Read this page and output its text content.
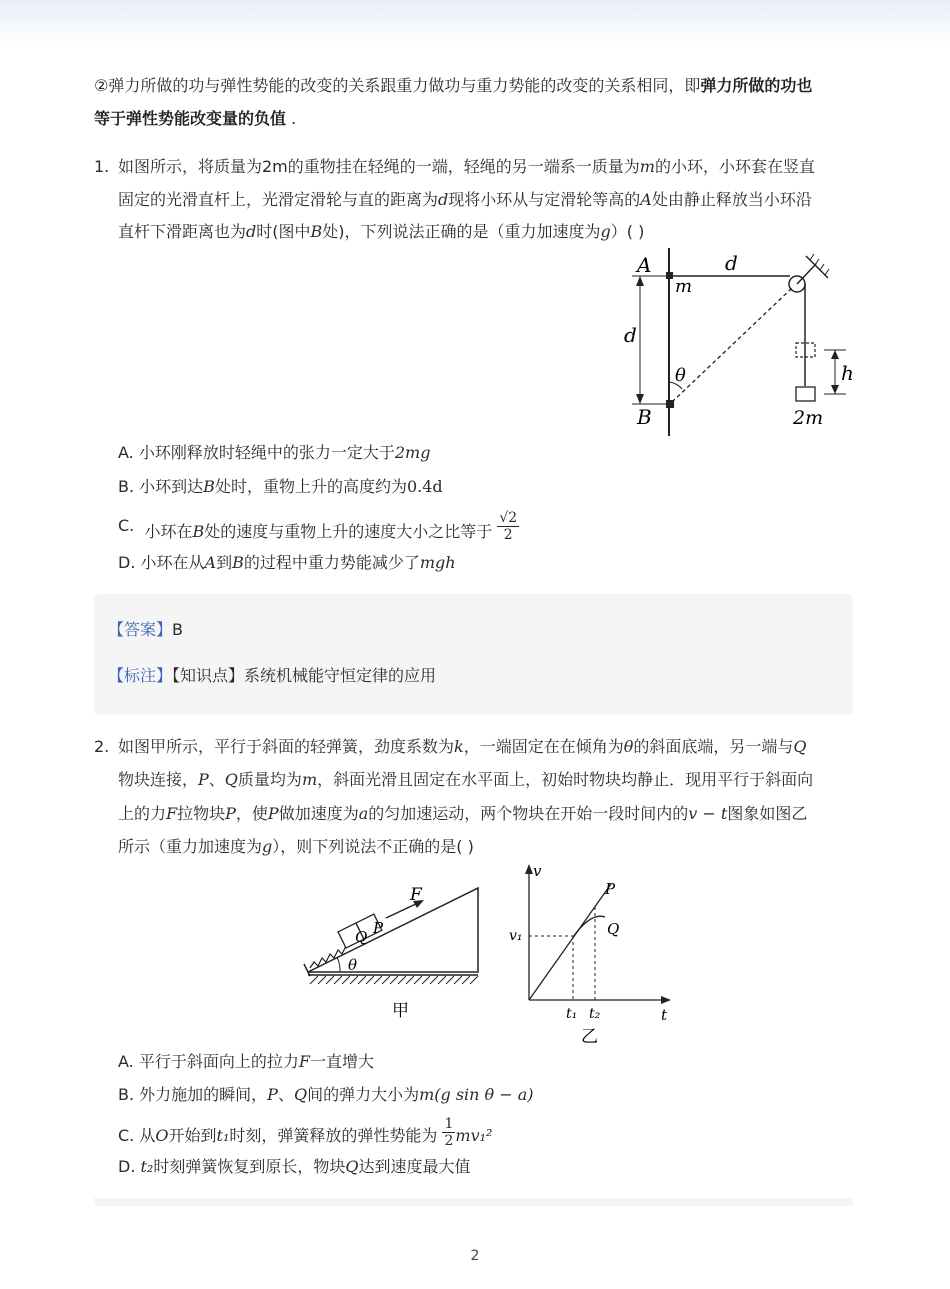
②弹力所做的功与弹性势能的改变的关系跟重力做功与重力势能的改变的关系相同，即弹力所做的功也
等于弹性势能改变量的负值 .
1. 如图所示，将质量为2m的重物挂在轻绳的一端，轻绳的另一端系一质量为m的小环，小环套在竖直
固定的光滑直杆上，光滑定滑轮与直的距离为d现将小环从与定滑轮等高的A处由静止释放当小环沿
直杆下滑距离也为d时(图中B处)，下列说法正确的是（重力加速度为g）( )
A
m
d
d
θ
B
h
2m
A. 小环刚释放时轻绳中的张力一定大于2mg
B. 小环到达B处时，重物上升的高度约为0.4d
C. 小环在B处的速度与重物上升的速度大小之比等于 $\frac{√2}{2}$
D. 小环在从A到B的过程中重力势能减少了mgh
【答案】B
【标注】【知识点】系统机械能守恒定律的应用
2. 如图甲所示，平行于斜面的轻弹簧，劲度系数为k，一端固定在在倾角为θ的斜面底端，另一端与Q
物块连接，P、Q质量均为m，斜面光滑且固定在水平面上，初始时物块均静止．现用平行于斜面向
上的力F拉物块P，使P做加速度为a的匀加速运动，两个物块在开始一段时间内的v − t图象如图乙
所示（重力加速度为g），则下列说法不正确的是( )
F
Q P
θ
甲
v
t
P
Q
v₁
t₁ t₂
乙
A. 平行于斜面向上的拉力F一直增大
B. 外力施加的瞬间，P、Q间的弹力大小为m(g sin θ − a)
C. 从O开始到t₁时刻，弹簧释放的弹性势能为 $\frac{1}{2} mv_1^2$
D. t₂时刻弹簧恢复到原长，物块Q达到速度最大值
2
